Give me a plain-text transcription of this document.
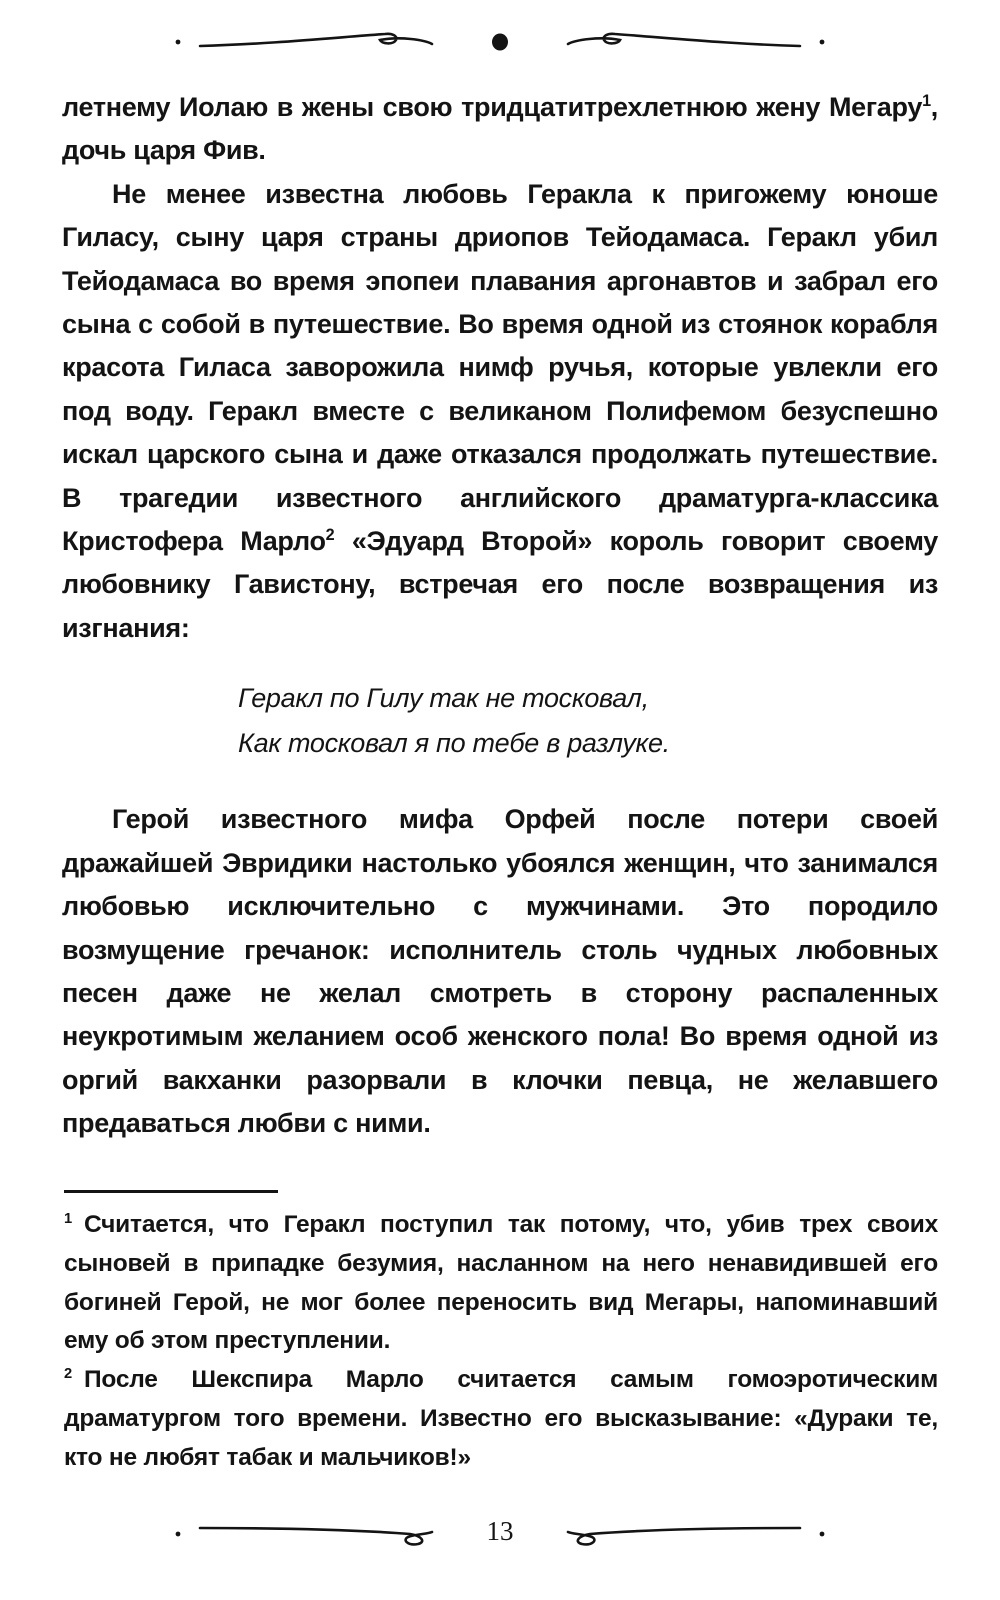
летнему Иолаю в жены свою тридцатитрехлетнюю жену Мегару$^1$, дочь царя Фив.

Не менее известна любовь Геракла к пригожему юноше Гиласу, сыну царя страны дриопов Тейодамаса. Геракл убил Тейодамаса во время эпопеи плавания аргонавтов и забрал его сына с собой в путешествие. Во время одной из стоянок корабля красота Гиласа заворожила нимф ручья, которые увлекли его под воду. Геракл вместе с великаном Полифемом безуспешно искал царского сына и даже отказался продолжать путешествие. В трагедии известного английского драматурга-классика Кристофера Марло$^2$ «Эдуард Второй» король говорит своему любовнику Гавистону, встречая его после возвращения из изгнания:

Геракл по Гилу так не тосковал,
Как тосковал я по тебе в разлуке.

Герой известного мифа Орфей после потери своей дражайшей Эвридики настолько убоялся женщин, что занимался любовью исключительно с мужчинами. Это породило возмущение гречанок: исполнитель столь чудных любовных песен даже не желал смотреть в сторону распаленных неукротимым желанием особ женского пола! Во время одной из оргий вакханки разорвали в клочки певца, не желавшего предаваться любви с ними.

$^1$ Считается, что Геракл поступил так потому, что, убив трех своих сыновей в припадке безумия, насланном на него ненавидившей его богиней Герой, не мог более переносить вид Мегары, напоминавший ему об этом преступлении.

$^2$ После Шекспира Марло считается самым гомоэротическим драматургом того времени. Известно его высказывание: «Дураки те, кто не любят табак и мальчиков!»

13
